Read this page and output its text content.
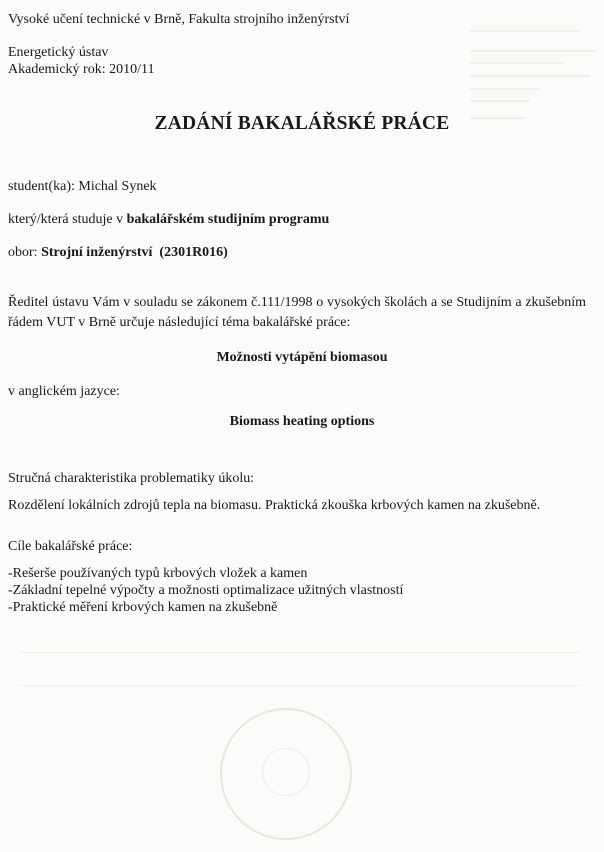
Vysoké učení technické v Brně, Fakulta strojního inženýrství
Energetický ústav
Akademický rok: 2010/11
ZADÁNÍ BAKALÁŘSKÉ PRÁCE
student(ka): Michal Synek
který/která studuje v bakalářském studijním programu
obor: Strojní inženýrství  (2301R016)
Ředitel ústavu Vám v souladu se zákonem č.111/1998 o vysokých školách a se Studijním a zkušebním řádem VUT v Brně určuje následující téma bakalářské práce:
Možnosti vytápění biomasou
v anglickém jazyce:
Biomass heating options
Stručná charakteristika problematiky úkolu:
Rozdělení lokálních zdrojů tepla na biomasu. Praktická zkouška krbových kamen na zkušebně.
Cíle bakalářské práce:
-Rešerše používaných typů krbových vložek a kamen
-Základní tepelné výpočty a možnosti optimalizace užitných vlastností
-Praktické měření krbových kamen na zkušebně
